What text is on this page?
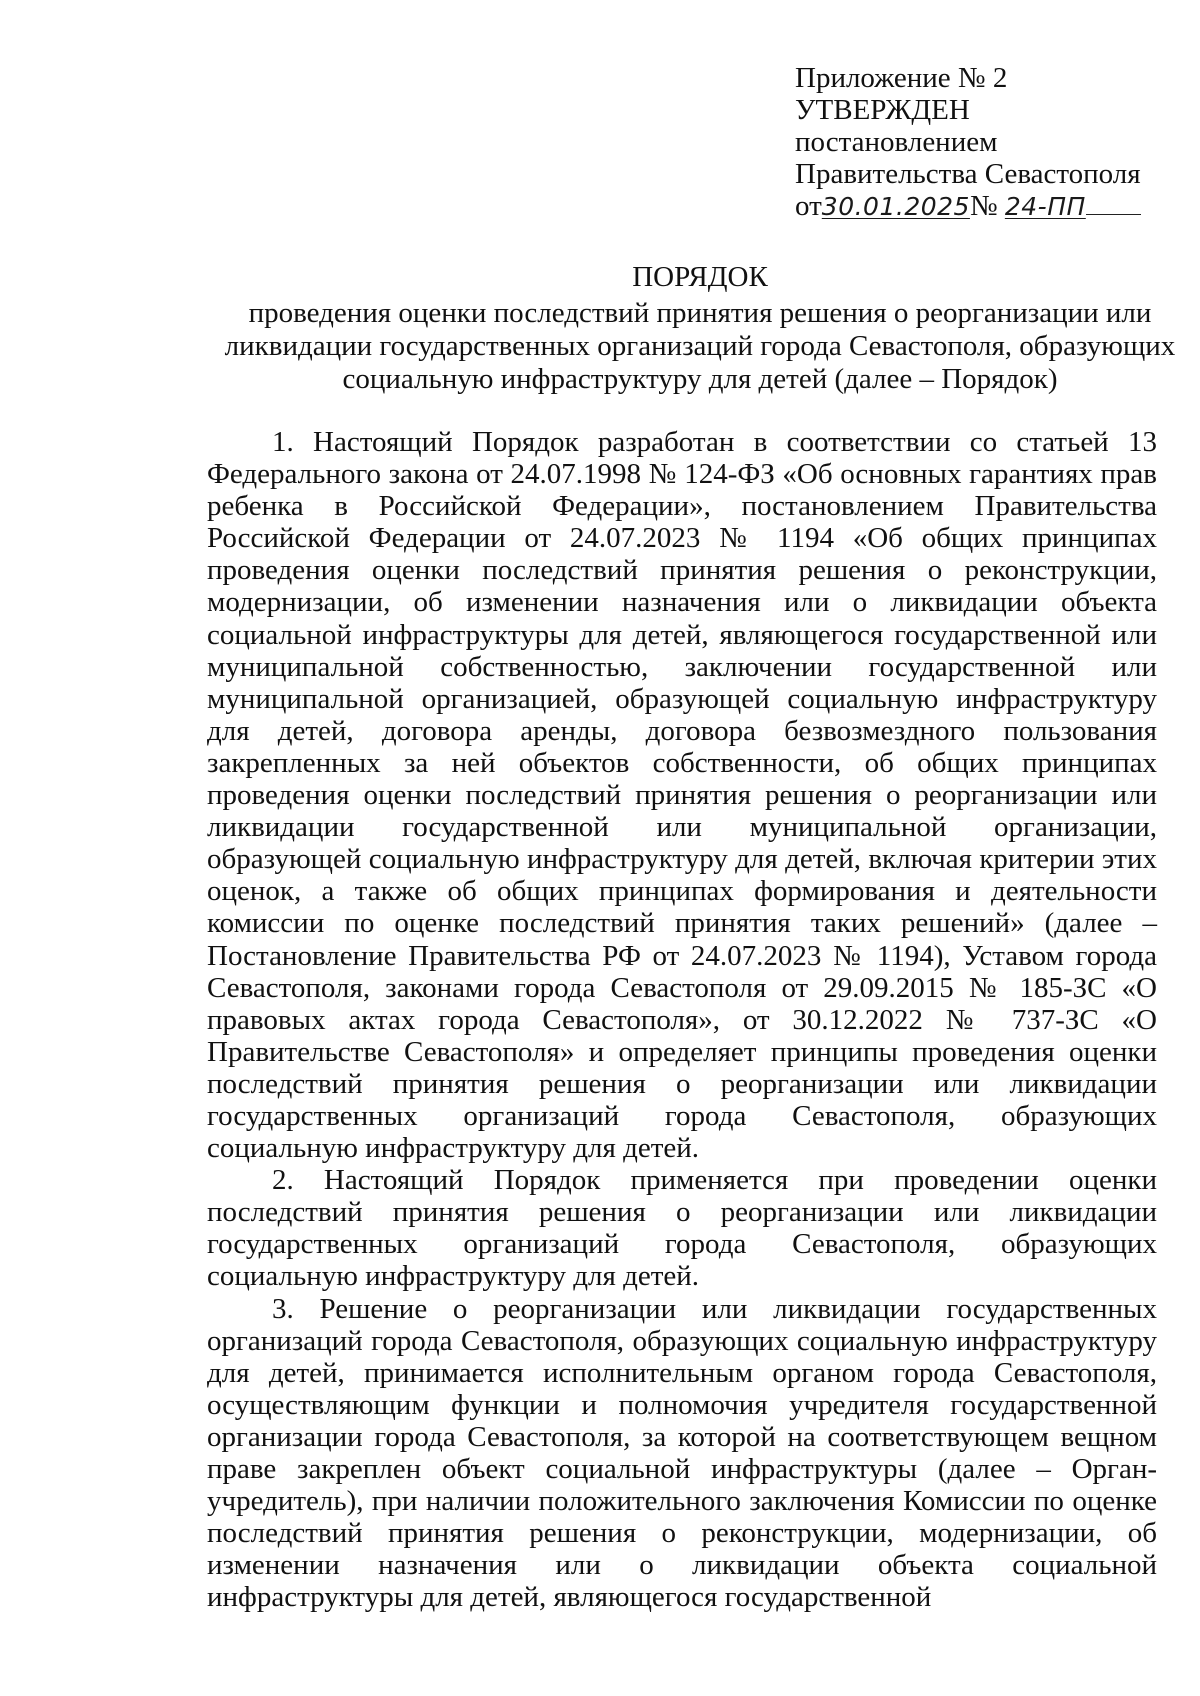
Приложение № 2
УТВЕРЖДЕН
постановлением
Правительства Севастополя
от30.01.2025№ 24-ПП
ПОРЯДОК
проведения оценки последствий принятия решения о реорганизации или ликвидации государственных организаций города Севастополя, образующих социальную инфраструктуру для детей (далее – Порядок)

1. Настоящий Порядок разработан в соответствии со статьей 13 Федерального закона от 24.07.1998 № 124-ФЗ «Об основных гарантиях прав ребенка в Российской Федерации», постановлением Правительства Российской Федерации от 24.07.2023 № 1194 «Об общих принципах проведения оценки последствий принятия решения о реконструкции, модернизации, об изменении назначения или о ликвидации объекта социальной инфраструктуры для детей, являющегося государственной или муниципальной собственностью, заключении государственной или муниципальной организацией, образующей социальную инфраструктуру для детей, договора аренды, договора безвозмездного пользования закрепленных за ней объектов собственности, об общих принципах проведения оценки последствий принятия решения о реорганизации или ликвидации государственной или муниципальной организации, образующей социальную инфраструктуру для детей, включая критерии этих оценок, а также об общих принципах формирования и деятельности комиссии по оценке последствий принятия таких решений» (далее – Постановление Правительства РФ от 24.07.2023 № 1194), Уставом города Севастополя, законами города Севастополя от 29.09.2015 № 185-ЗС «О правовых актах города Севастополя», от 30.12.2022 № 737-ЗС «О Правительстве Севастополя» и определяет принципы проведения оценки последствий принятия решения о реорганизации или ликвидации государственных организаций города Севастополя, образующих социальную инфраструктуру для детей.

2. Настоящий Порядок применяется при проведении оценки последствий принятия решения о реорганизации или ликвидации государственных организаций города Севастополя, образующих социальную инфраструктуру для детей.

3. Решение о реорганизации или ликвидации государственных организаций города Севастополя, образующих социальную инфраструктуру для детей, принимается исполнительным органом города Севастополя, осуществляющим функции и полномочия учредителя государственной организации города Севастополя, за которой на соответствующем вещном праве закреплен объект социальной инфраструктуры (далее – Орган-учредитель), при наличии положительного заключения Комиссии по оценке последствий принятия решения о реконструкции, модернизации, об изменении назначения или о ликвидации объекта социальной инфраструктуры для детей, являющегося государственной
